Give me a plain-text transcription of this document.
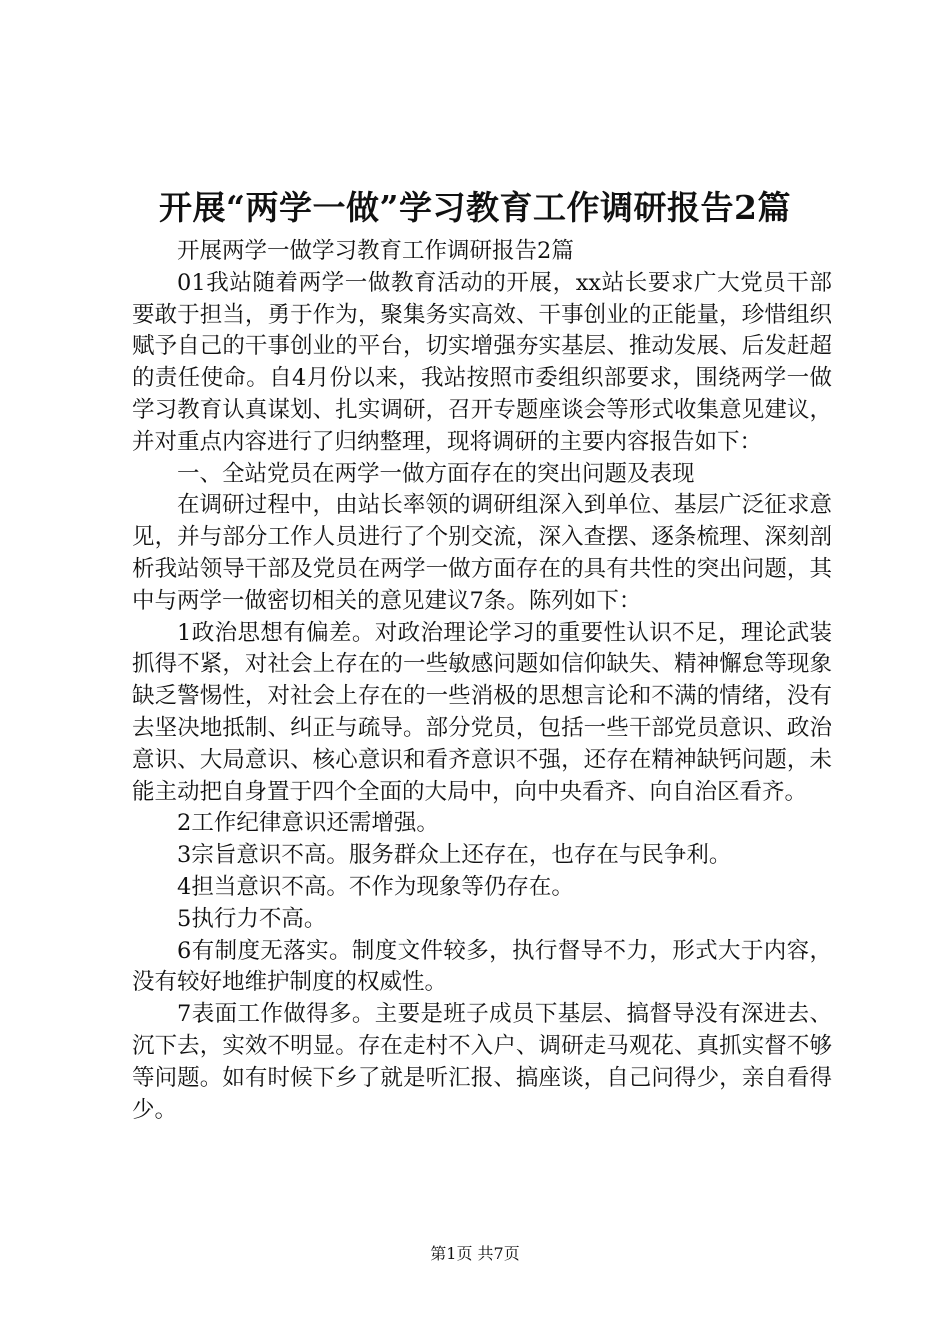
开展“两学一做”学习教育工作调研报告2篇

开展两学一做学习教育工作调研报告2篇

01我站随着两学一做教育活动的开展，xx站长要求广大党员干部要敢于担当，勇于作为，聚集务实高效、干事创业的正能量，珍惜组织赋予自己的干事创业的平台，切实增强夯实基层、推动发展、后发赶超的责任使命。自4月份以来，我站按照市委组织部要求，围绕两学一做学习教育认真谋划、扎实调研，召开专题座谈会等形式收集意见建议，并对重点内容进行了归纳整理，现将调研的主要内容报告如下：

一、全站党员在两学一做方面存在的突出问题及表现

在调研过程中，由站长率领的调研组深入到单位、基层广泛征求意见，并与部分工作人员进行了个别交流，深入查摆、逐条梳理、深刻剖析我站领导干部及党员在两学一做方面存在的具有共性的突出问题，其中与两学一做密切相关的意见建议7条。陈列如下：

1政治思想有偏差。对政治理论学习的重要性认识不足，理论武装抓得不紧，对社会上存在的一些敏感问题如信仰缺失、精神懈怠等现象缺乏警惕性，对社会上存在的一些消极的思想言论和不满的情绪，没有去坚决地抵制、纠正与疏导。部分党员，包括一些干部党员意识、政治意识、大局意识、核心意识和看齐意识不强，还存在精神缺钙问题，未能主动把自身置于四个全面的大局中，向中央看齐、向自治区看齐。

2工作纪律意识还需增强。

3宗旨意识不高。服务群众上还存在，也存在与民争利。

4担当意识不高。不作为现象等仍存在。

5执行力不高。

6有制度无落实。制度文件较多，执行督导不力，形式大于内容，没有较好地维护制度的权威性。

7表面工作做得多。主要是班子成员下基层、搞督导没有深进去、沉下去，实效不明显。存在走村不入户、调研走马观花、真抓实督不够等问题。如有时候下乡了就是听汇报、搞座谈，自己问得少，亲自看得少。

第1页 共7页
